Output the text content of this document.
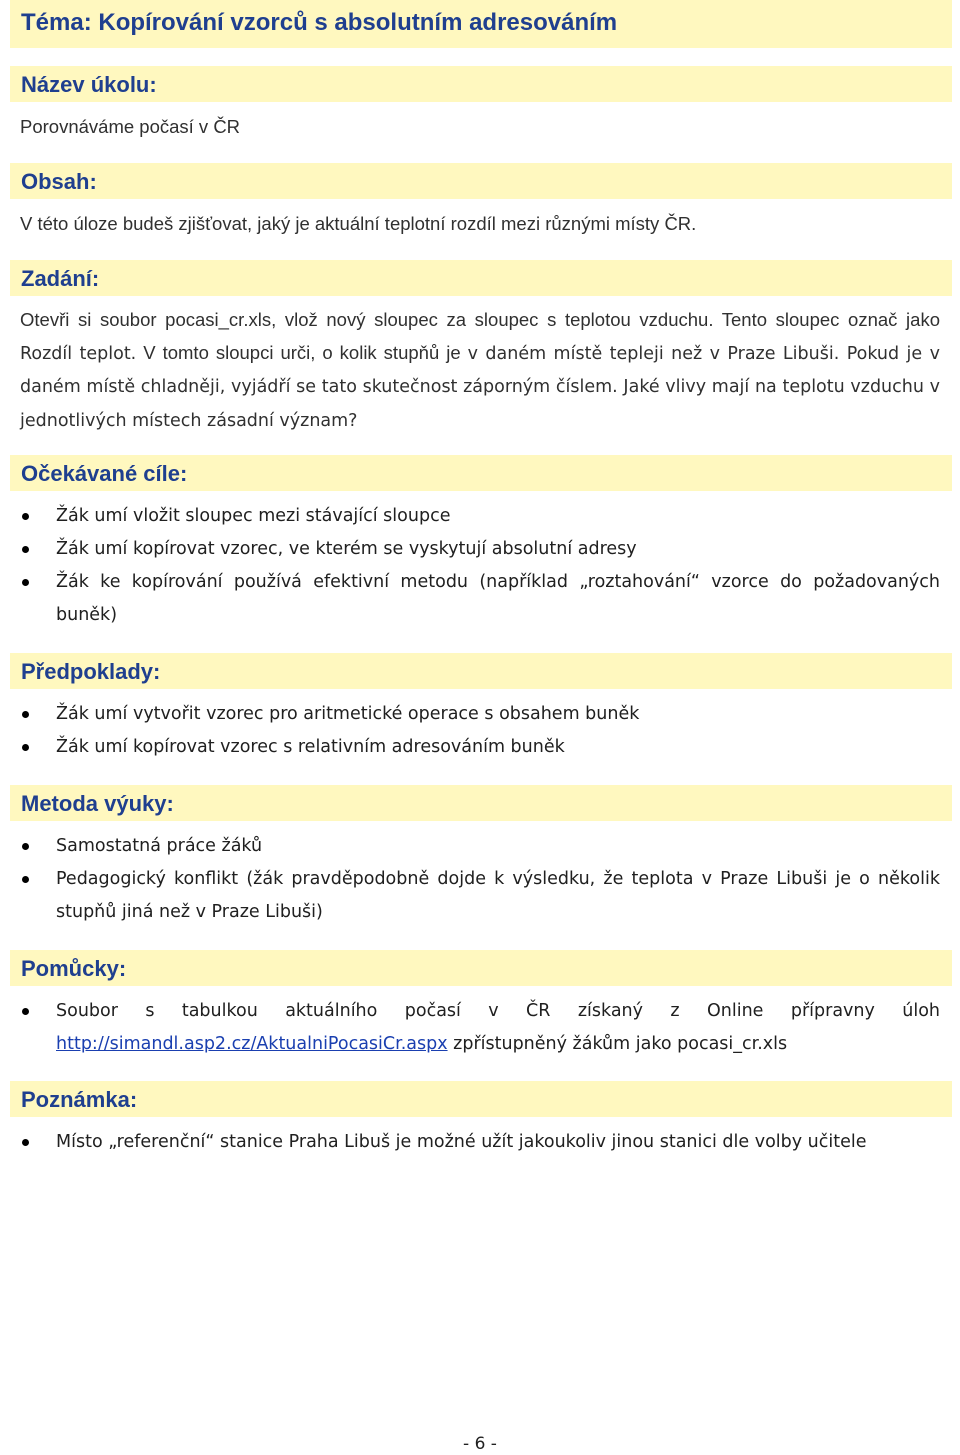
Téma: Kopírování vzorců s absolutním adresováním
Název úkolu:
Porovnáváme počasí v ČR
Obsah:
V této úloze budeš zjišťovat, jaký je aktuální teplotní rozdíl mezi různými místy ČR.
Zadání:
Otevři si soubor pocasi_cr.xls, vlož nový sloupec za sloupec s teplotou vzduchu. Tento sloupec označ jako Rozdíl teplot. V tomto sloupci urči, o kolik stupňů je v daném místě tepleji než v Praze Libuši. Pokud je v daném místě chladněji, vyjádří se tato skutečnost záporným číslem. Jaké vlivy mají na teplotu vzduchu v jednotlivých místech zásadní význam?
Očekávané cíle:
Žák umí vložit sloupec mezi stávající sloupce
Žák umí kopírovat vzorec, ve kterém se vyskytují absolutní adresy
Žák ke kopírování používá efektivní metodu (například „roztahování“ vzorce do požadovaných buněk)
Předpoklady:
Žák umí vytvořit vzorec pro aritmetické operace s obsahem buněk
Žák umí kopírovat vzorec s relativním adresováním buněk
Metoda výuky:
Samostatná práce žáků
Pedagogický konflikt (žák pravděpodobně dojde k výsledku, že teplota v Praze Libuši je o několik stupňů jiná než v Praze Libuši)
Pomůcky:
Soubor s tabulkou aktuálního počasí v ČR získaný z Online přípravny úloh http://simandl.asp2.cz/AktualniPocasiCr.aspx zpřístupněný žákům jako pocasi_cr.xls
Poznámka:
Místo „referenční“ stanice Praha Libuš je možné užít jakoukoliv jinou stanici dle volby učitele
- 6 -
